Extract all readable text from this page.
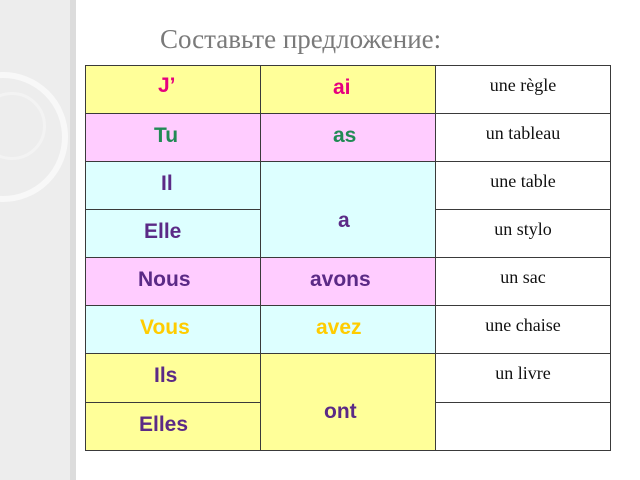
Составьте предложение:
J’
Tu
Il
Elle
Nous
Vous
Ils
Elles
ai
as
a
avons
avez
ont
une règle
un tableau
une table
un stylo
un sac
une chaise
un livre
